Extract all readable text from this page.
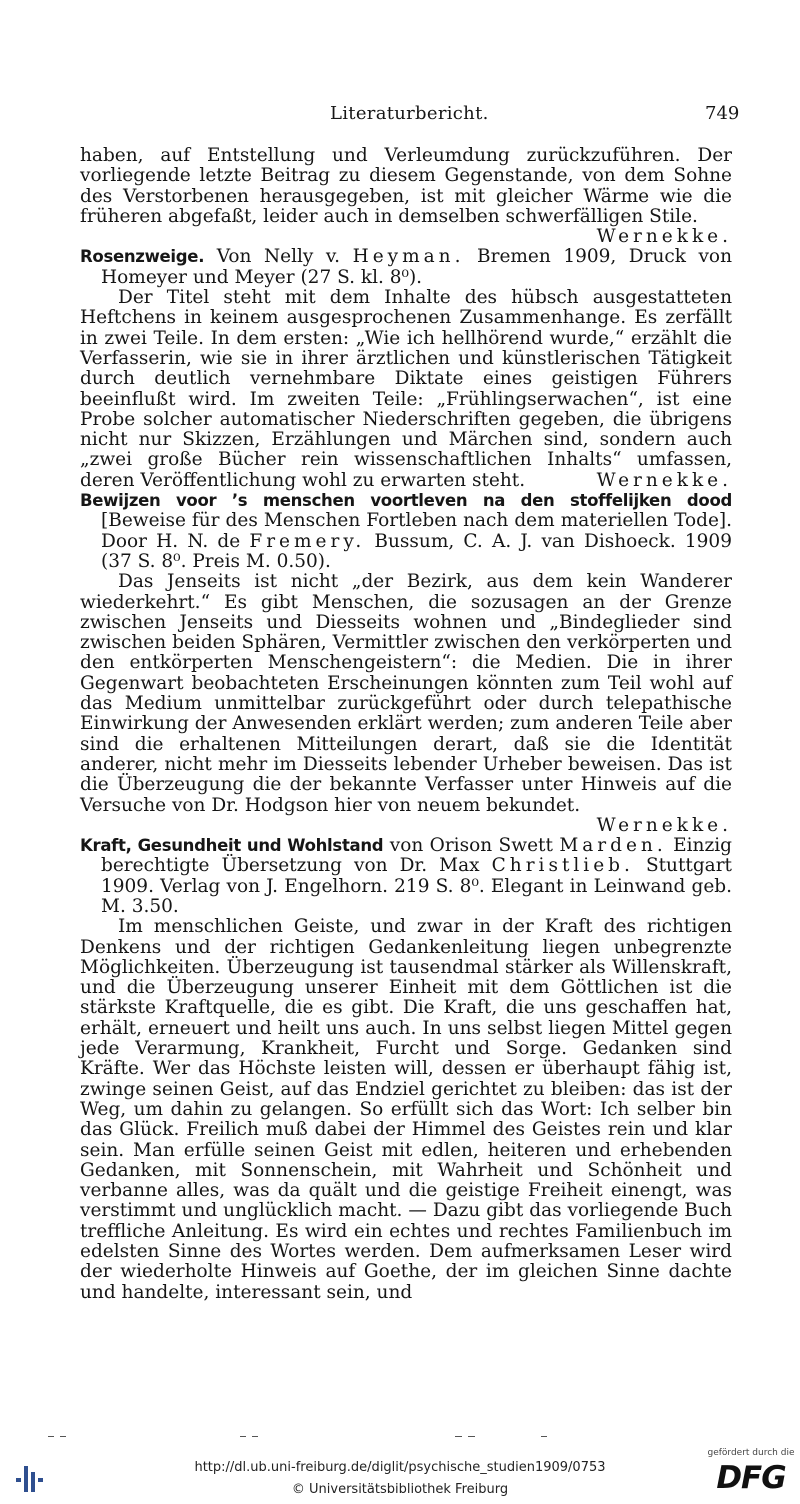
Literaturbericht.	749

haben, auf Entstellung und Verleumdung zurückzuführen. Der vorliegende letzte Beitrag zu diesem Gegenstande, von dem Sohne des Verstorbenen herausgegeben, ist mit gleicher Wärme wie die früheren abgefaßt, leider auch in demselben schwerfälligen Stile.

Wernekke.

Rosenzweige. Von Nelly v. Heyman. Bremen 1909, Druck von Homeyer und Meyer (27 S. kl. 8⁰).

Der Titel steht mit dem Inhalte des hübsch ausgestatteten Heftchens in keinem ausgesprochenen Zusammenhange. Es zerfällt in zwei Teile. In dem ersten: „Wie ich hellhörend wurde,“ erzählt die Verfasserin, wie sie in ihrer ärztlichen und künstlerischen Tätigkeit durch deutlich vernehmbare Diktate eines geistigen Führers beeinflußt wird. Im zweiten Teile: „Frühlingserwachen“, ist eine Probe solcher automatischer Niederschriften gegeben, die übrigens nicht nur Skizzen, Erzählungen und Märchen sind, sondern auch „zwei große Bücher rein wissenschaftlichen Inhalts“ umfassen, deren Veröffentlichung wohl zu erwarten steht.	Wernekke.

Bewijzen voor ’s menschen voortleven na den stoffelijken dood [Beweise für des Menschen Fortleben nach dem materiellen Tode]. Door H. N. de Fremery. Bussum, C. A. J. van Dishoeck. 1909 (37 S. 8⁰. Preis M. 0.50).

Das Jenseits ist nicht „der Bezirk, aus dem kein Wanderer wiederkehrt.“ Es gibt Menschen, die sozusagen an der Grenze zwischen Jenseits und Diesseits wohnen und „Bindeglieder sind zwischen beiden Sphären, Vermittler zwischen den verkörperten und den entkörperten Menschengeistern“: die Medien. Die in ihrer Gegenwart beobachteten Erscheinungen könnten zum Teil wohl auf das Medium unmittelbar zurückgeführt oder durch telepathische Einwirkung der Anwesenden erklärt werden; zum anderen Teile aber sind die erhaltenen Mitteilungen derart, daß sie die Identität anderer, nicht mehr im Diesseits lebender Urheber beweisen. Das ist die Überzeugung die der bekannte Verfasser unter Hinweis auf die Versuche von Dr. Hodgson hier von neuem bekundet.

Wernekke.

Kraft, Gesundheit und Wohlstand von Orison Swett Marden. Einzig berechtigte Übersetzung von Dr. Max Christlieb. Stuttgart 1909. Verlag von J. Engelhorn. 219 S. 8⁰. Elegant in Leinwand geb. M. 3.50.

Im menschlichen Geiste, und zwar in der Kraft des richtigen Denkens und der richtigen Gedankenleitung liegen unbegrenzte Möglichkeiten. Überzeugung ist tausendmal stärker als Willenskraft, und die Überzeugung unserer Einheit mit dem Göttlichen ist die stärkste Kraftquelle, die es gibt. Die Kraft, die uns geschaffen hat, erhält, erneuert und heilt uns auch. In uns selbst liegen Mittel gegen jede Verarmung, Krankheit, Furcht und Sorge. Gedanken sind Kräfte. Wer das Höchste leisten will, dessen er überhaupt fähig ist, zwinge seinen Geist, auf das Endziel gerichtet zu bleiben: das ist der Weg, um dahin zu gelangen. So erfüllt sich das Wort: Ich selber bin das Glück. Freilich muß dabei der Himmel des Geistes rein und klar sein. Man erfülle seinen Geist mit edlen, heiteren und erhebenden Gedanken, mit Sonnenschein, mit Wahrheit und Schönheit und verbanne alles, was da quält und die geistige Freiheit einengt, was verstimmt und unglücklich macht. — Dazu gibt das vorliegende Buch treffliche Anleitung. Es wird ein echtes und rechtes Familienbuch im edelsten Sinne des Wortes werden. Dem aufmerksamen Leser wird der wiederholte Hinweis auf Goethe, der im gleichen Sinne dachte und handelte, interessant sein, und

http://dl.ub.uni-freiburg.de/diglit/psychische_studien1909/0753
© Universitätsbibliothek Freiburg
gefördert durch die
DFG
